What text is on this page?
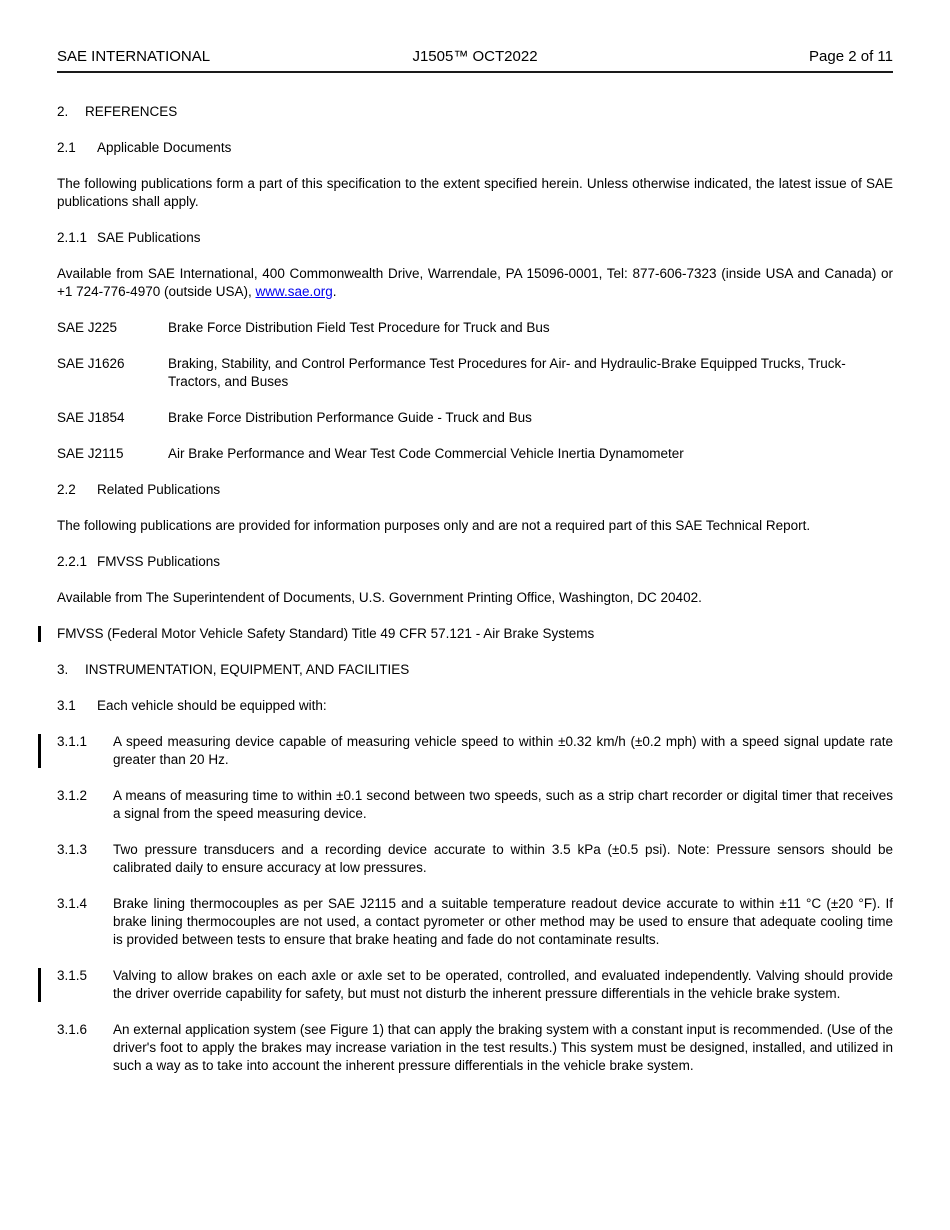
SAE INTERNATIONAL	J1505™ OCT2022	Page 2 of 11
2.	REFERENCES
2.1	Applicable Documents
The following publications form a part of this specification to the extent specified herein. Unless otherwise indicated, the latest issue of SAE publications shall apply.
2.1.1 SAE Publications
Available from SAE International, 400 Commonwealth Drive, Warrendale, PA 15096-0001, Tel: 877-606-7323 (inside USA and Canada) or +1 724-776-4970 (outside USA), www.sae.org.
SAE J225	Brake Force Distribution Field Test Procedure for Truck and Bus
SAE J1626	Braking, Stability, and Control Performance Test Procedures for Air- and Hydraulic-Brake Equipped Trucks, Truck-Tractors, and Buses
SAE J1854	Brake Force Distribution Performance Guide - Truck and Bus
SAE J2115	Air Brake Performance and Wear Test Code Commercial Vehicle Inertia Dynamometer
2.2	Related Publications
The following publications are provided for information purposes only and are not a required part of this SAE Technical Report.
2.2.1 FMVSS Publications
Available from The Superintendent of Documents, U.S. Government Printing Office, Washington, DC 20402.
FMVSS (Federal Motor Vehicle Safety Standard) Title 49 CFR 57.121 - Air Brake Systems
3.	INSTRUMENTATION, EQUIPMENT, AND FACILITIES
3.1	Each vehicle should be equipped with:
3.1.1	A speed measuring device capable of measuring vehicle speed to within ±0.32 km/h (±0.2 mph) with a speed signal update rate greater than 20 Hz.
3.1.2	A means of measuring time to within ±0.1 second between two speeds, such as a strip chart recorder or digital timer that receives a signal from the speed measuring device.
3.1.3	Two pressure transducers and a recording device accurate to within 3.5 kPa (±0.5 psi). Note: Pressure sensors should be calibrated daily to ensure accuracy at low pressures.
3.1.4	Brake lining thermocouples as per SAE J2115 and a suitable temperature readout device accurate to within ±11 °C (±20 °F). If brake lining thermocouples are not used, a contact pyrometer or other method may be used to ensure that adequate cooling time is provided between tests to ensure that brake heating and fade do not contaminate results.
3.1.5	Valving to allow brakes on each axle or axle set to be operated, controlled, and evaluated independently. Valving should provide the driver override capability for safety, but must not disturb the inherent pressure differentials in the vehicle brake system.
3.1.6	An external application system (see Figure 1) that can apply the braking system with a constant input is recommended. (Use of the driver's foot to apply the brakes may increase variation in the test results.) This system must be designed, installed, and utilized in such a way as to take into account the inherent pressure differentials in the vehicle brake system.
